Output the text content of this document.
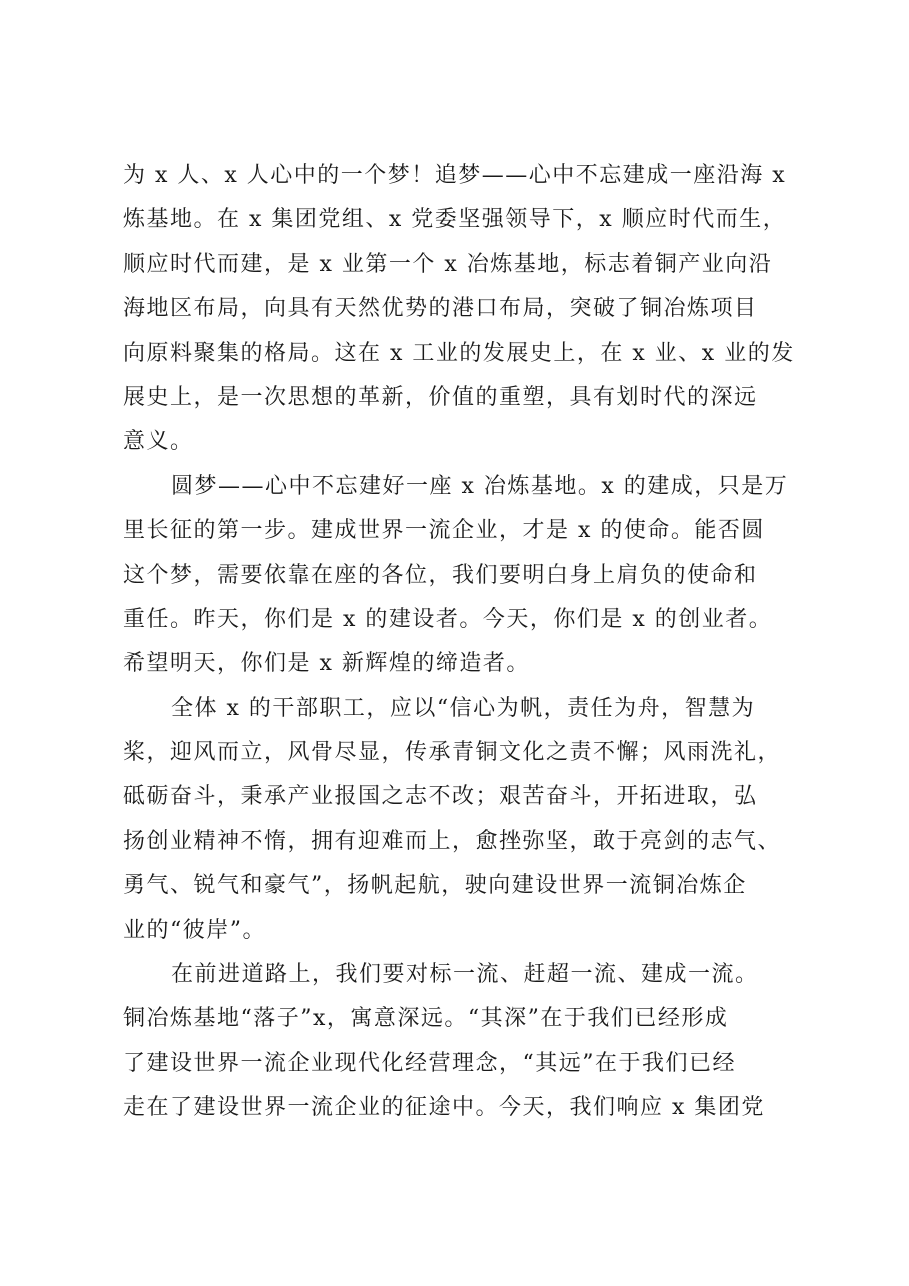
为 x 人、x 人心中的一个梦！追梦——心中不忘建成一座沿海 x
炼基地。在 x 集团党组、x 党委坚强领导下，x 顺应时代而生，
顺应时代而建，是 x 业第一个 x 冶炼基地，标志着铜产业向沿
海地区布局，向具有天然优势的港口布局，突破了铜冶炼项目
向原料聚集的格局。这在 x 工业的发展史上，在 x 业、x 业的发
展史上，是一次思想的革新，价值的重塑，具有划时代的深远
意义。
圆梦——心中不忘建好一座 x 冶炼基地。x 的建成，只是万
里长征的第一步。建成世界一流企业，才是 x 的使命。能否圆
这个梦，需要依靠在座的各位，我们要明白身上肩负的使命和
重任。昨天，你们是 x 的建设者。今天，你们是 x 的创业者。
希望明天，你们是 x 新辉煌的缔造者。
全体 x 的干部职工，应以“信心为帆，责任为舟，智慧为
桨，迎风而立，风骨尽显，传承青铜文化之责不懈；风雨洗礼，
砥砺奋斗，秉承产业报国之志不改；艰苦奋斗，开拓进取，弘
扬创业精神不惰，拥有迎难而上，愈挫弥坚，敢于亮剑的志气、
勇气、锐气和豪气”，扬帆起航，驶向建设世界一流铜冶炼企
业的“彼岸”。
在前进道路上，我们要对标一流、赶超一流、建成一流。
铜冶炼基地“落子”x，寓意深远。“其深”在于我们已经形成
了建设世界一流企业现代化经营理念，“其远”在于我们已经
走在了建设世界一流企业的征途中。今天，我们响应 x 集团党
